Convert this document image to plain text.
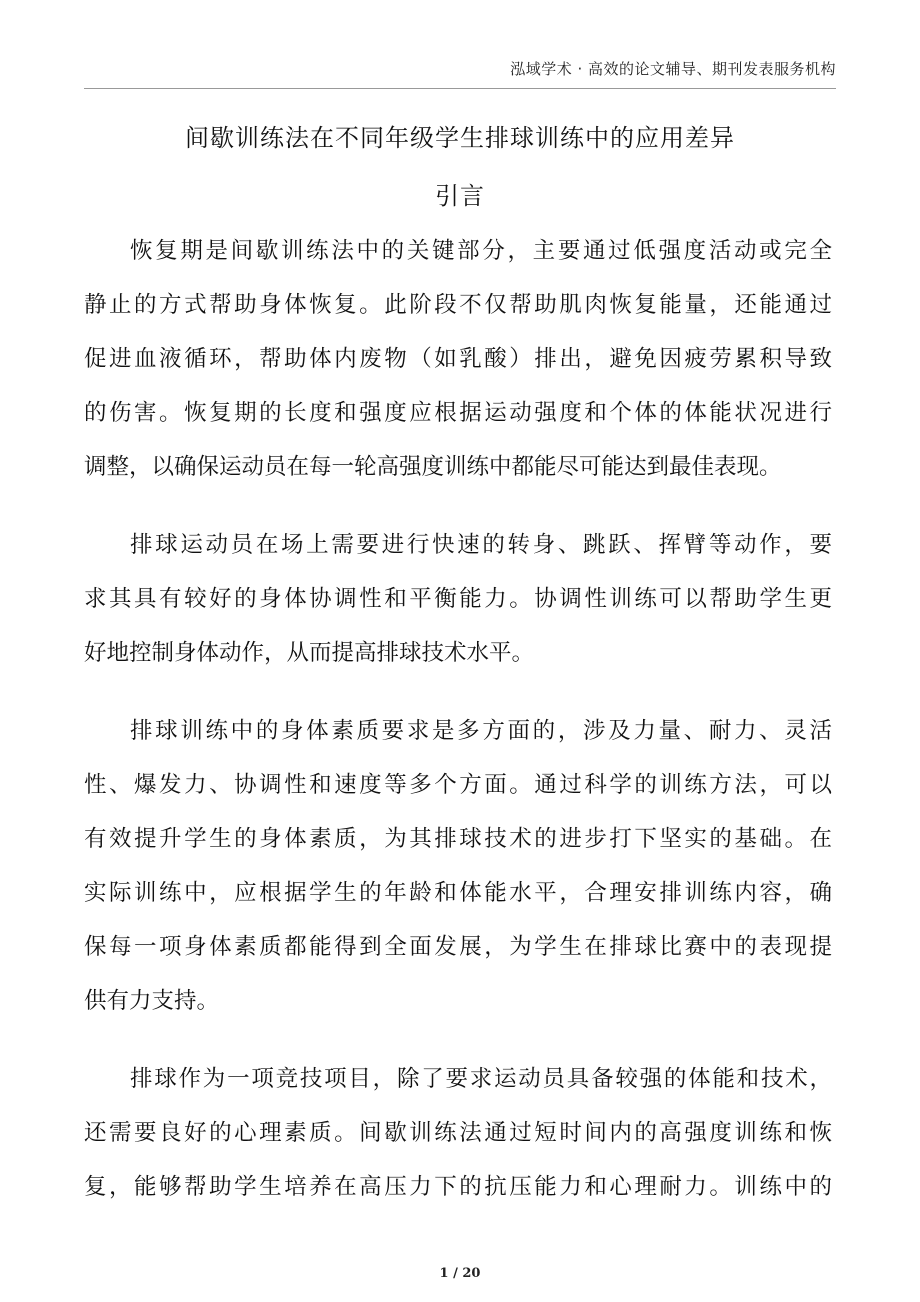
泓域学术 · 高效的论文辅导、期刊发表服务机构
间歇训练法在不同年级学生排球训练中的应用差异
引言
恢复期是间歇训练法中的关键部分，主要通过低强度活动或完全
静止的方式帮助身体恢复。此阶段不仅帮助肌肉恢复能量，还能通过
促进血液循环，帮助体内废物（如乳酸）排出，避免因疲劳累积导致
的伤害。恢复期的长度和强度应根据运动强度和个体的体能状况进行
调整，以确保运动员在每一轮高强度训练中都能尽可能达到最佳表现。
排球运动员在场上需要进行快速的转身、跳跃、挥臂等动作，要
求其具有较好的身体协调性和平衡能力。协调性训练可以帮助学生更
好地控制身体动作，从而提高排球技术水平。
排球训练中的身体素质要求是多方面的，涉及力量、耐力、灵活
性、爆发力、协调性和速度等多个方面。通过科学的训练方法，可以
有效提升学生的身体素质，为其排球技术的进步打下坚实的基础。在
实际训练中，应根据学生的年龄和体能水平，合理安排训练内容，确
保每一项身体素质都能得到全面发展，为学生在排球比赛中的表现提
供有力支持。
排球作为一项竞技项目，除了要求运动员具备较强的体能和技术，
还需要良好的心理素质。间歇训练法通过短时间内的高强度训练和恢
复，能够帮助学生培养在高压力下的抗压能力和心理耐力。训练中的
1 / 20
